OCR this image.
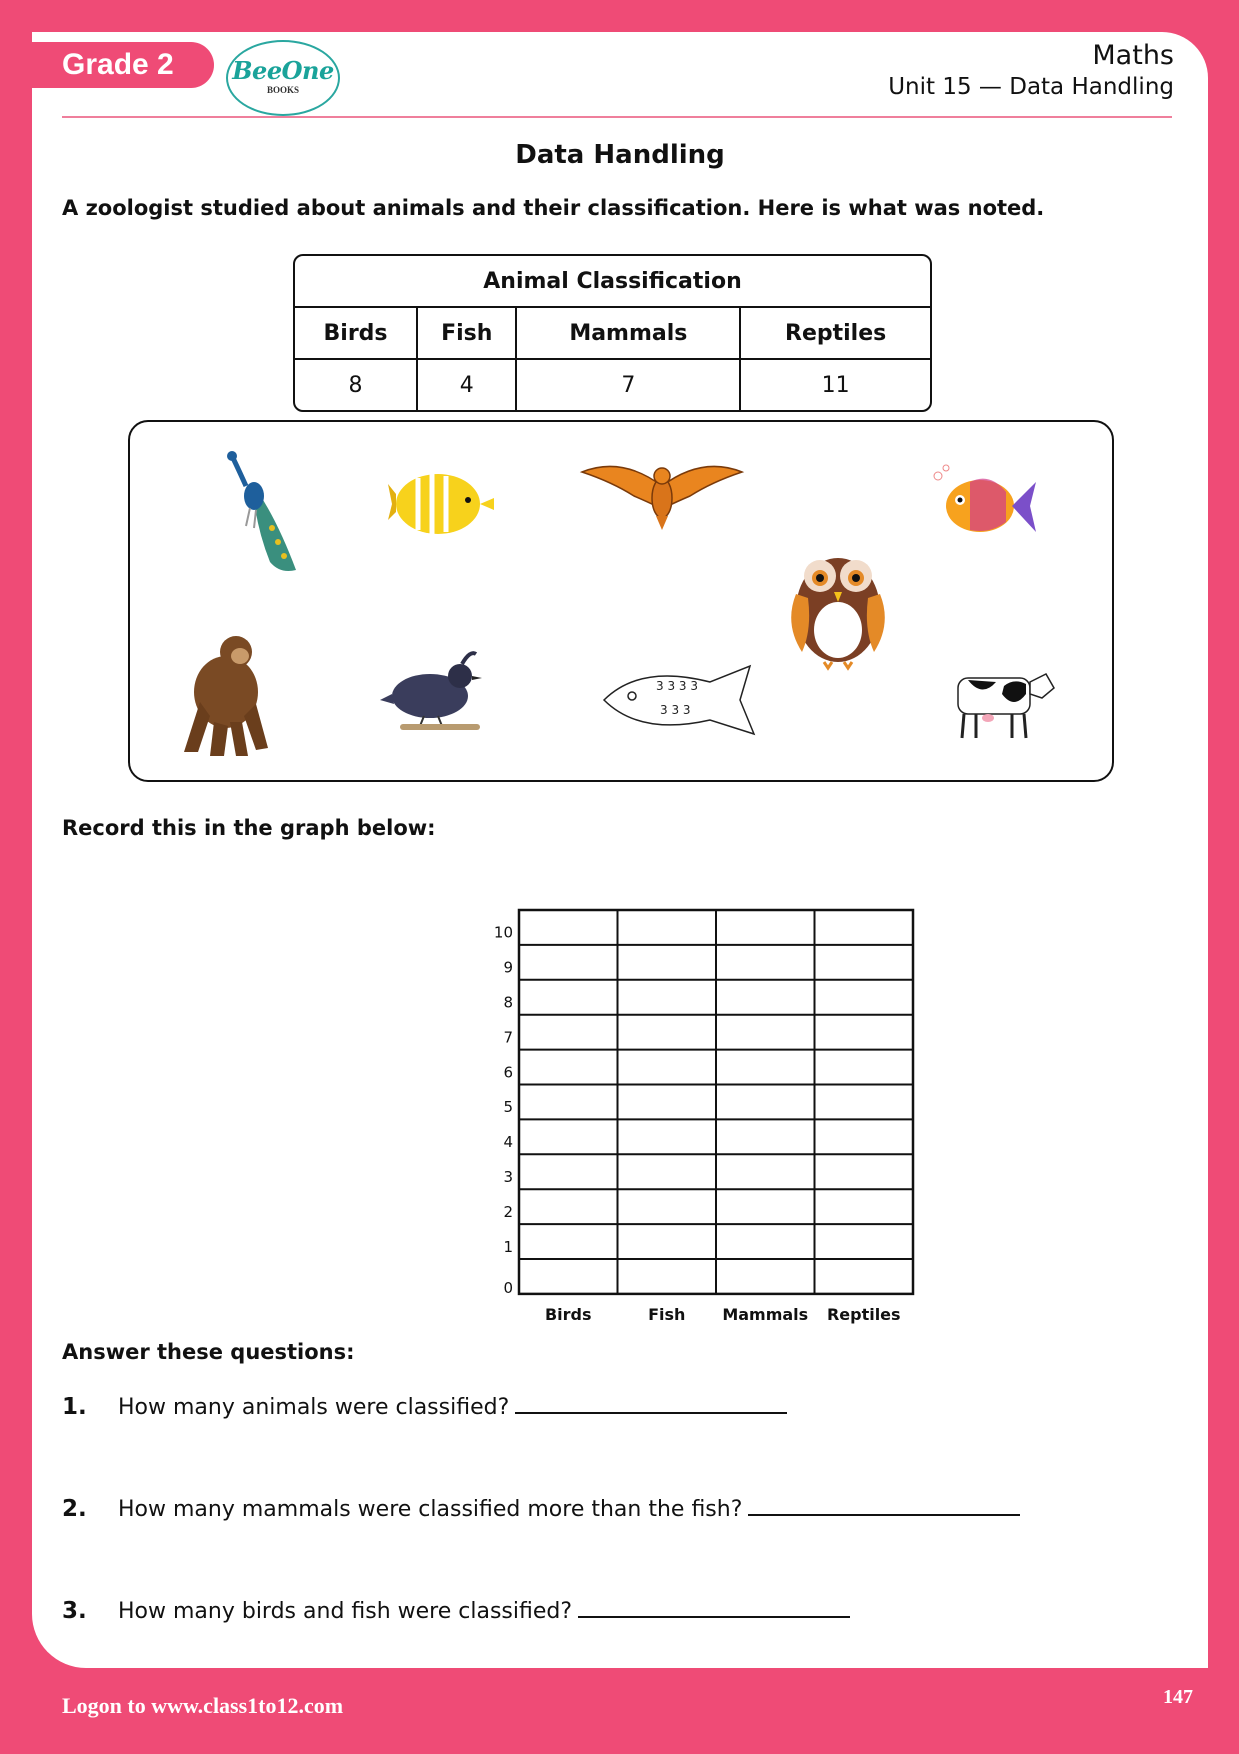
Grade 2	BeeOne
BOOKS
Maths
Unit 15 — Data Handling
Data Handling
A zoologist studied about animals and their classification. Here is what was noted.
Animal Classification			
Birds	Fish	Mammals	Reptiles
8	4	7	11
3 3 3 3
3 3 3
Record this in the graph below:
0
1
2
3
4
5
6
7
8
9
10
Birds	Fish Mammals Reptiles
Answer these questions:
1. How many animals were classified?
2. How many mammals were classified more than the fish?
3. How many birds and fish were classified?
Logon to www.class1to12.com	147
